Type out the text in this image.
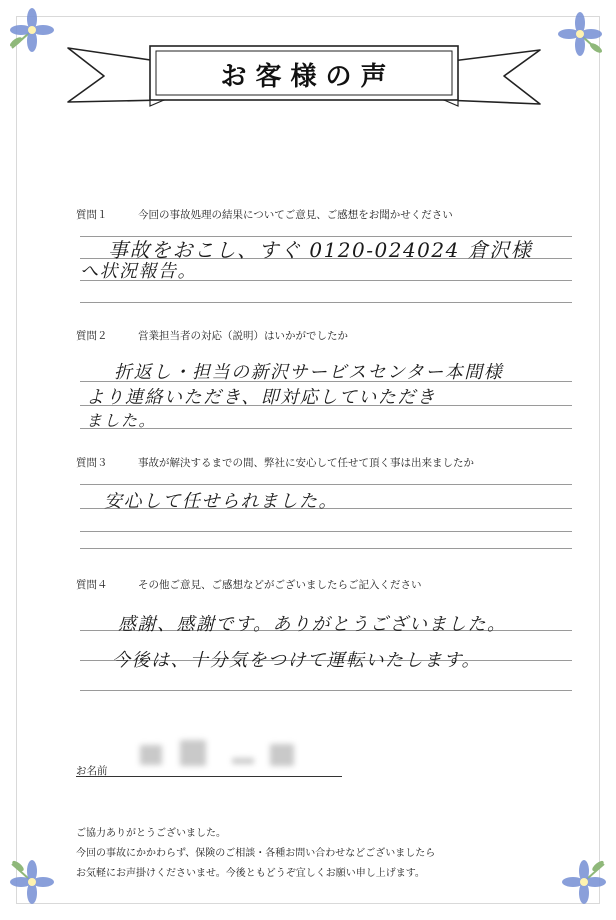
お客様の声
質問１	今回の事故処理の結果についてご意見、ご感想をお聞かせください
事故をおこし、すぐ 0120-024024 倉沢様
へ状況報告。
質問２	営業担当者の対応（説明）はいかがでしたか
折返し・担当の新沢サービスセンター本間様
より連絡いただき、即対応していただき
ました。
質問３	事故が解決するまでの間、弊社に安心して任せて頂く事は出来ましたか
安心して任せられました。
質問４	その他ご意見、ご感想などがございましたらご記入ください
感謝、感謝です。ありがとうございました。
今後は、十分気をつけて運転いたします。
お名前
ご協力ありがとうございました。
今回の事故にかかわらず、保険のご相談・各種お問い合わせなどございましたら
お気軽にお声掛けくださいませ。今後ともどうぞ宜しくお願い申し上げます。
